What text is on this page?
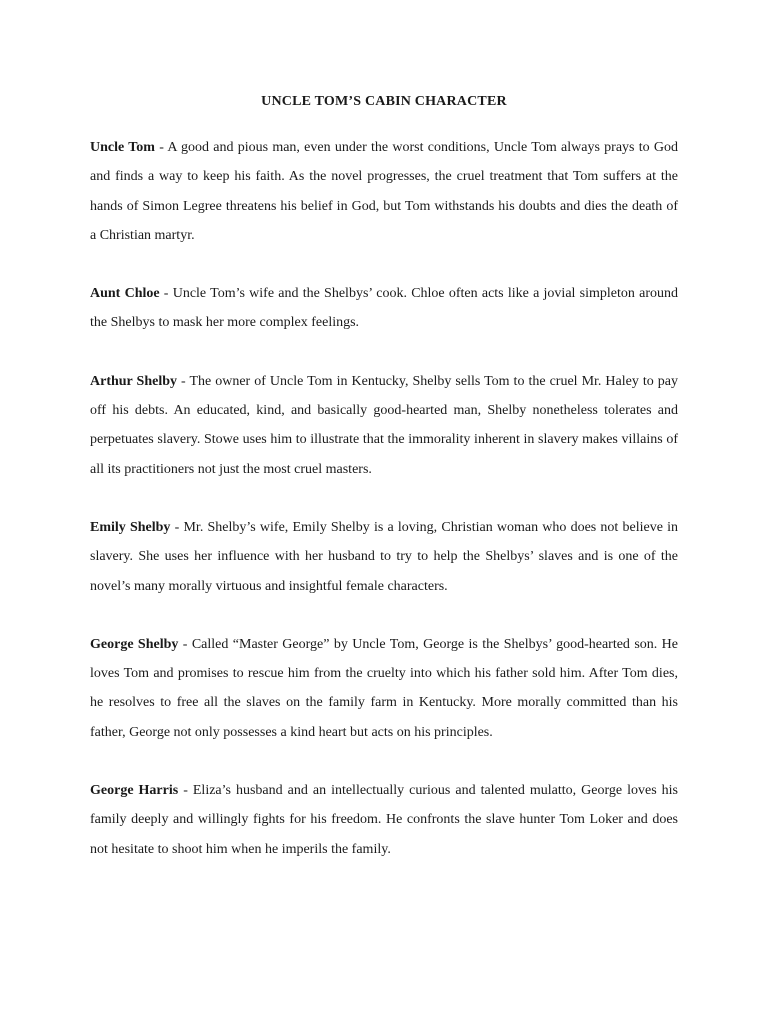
UNCLE TOM’S CABIN CHARACTER

Uncle Tom - A good and pious man, even under the worst conditions, Uncle Tom always prays to God and finds a way to keep his faith. As the novel progresses, the cruel treatment that Tom suffers at the hands of Simon Legree threatens his belief in God, but Tom withstands his doubts and dies the death of a Christian martyr.

Aunt Chloe - Uncle Tom’s wife and the Shelbys’ cook. Chloe often acts like a jovial simpleton around the Shelbys to mask her more complex feelings.

Arthur Shelby - The owner of Uncle Tom in Kentucky, Shelby sells Tom to the cruel Mr. Haley to pay off his debts. An educated, kind, and basically good-hearted man, Shelby nonetheless tolerates and perpetuates slavery. Stowe uses him to illustrate that the immorality inherent in slavery makes villains of all its practitioners not just the most cruel masters.

Emily Shelby - Mr. Shelby’s wife, Emily Shelby is a loving, Christian woman who does not believe in slavery. She uses her influence with her husband to try to help the Shelbys’ slaves and is one of the novel’s many morally virtuous and insightful female characters.

George Shelby - Called “Master George” by Uncle Tom, George is the Shelbys’ good-hearted son. He loves Tom and promises to rescue him from the cruelty into which his father sold him. After Tom dies, he resolves to free all the slaves on the family farm in Kentucky. More morally committed than his father, George not only possesses a kind heart but acts on his principles.

George Harris - Eliza’s husband and an intellectually curious and talented mulatto, George loves his family deeply and willingly fights for his freedom. He confronts the slave hunter Tom Loker and does not hesitate to shoot him when he imperils the family.
